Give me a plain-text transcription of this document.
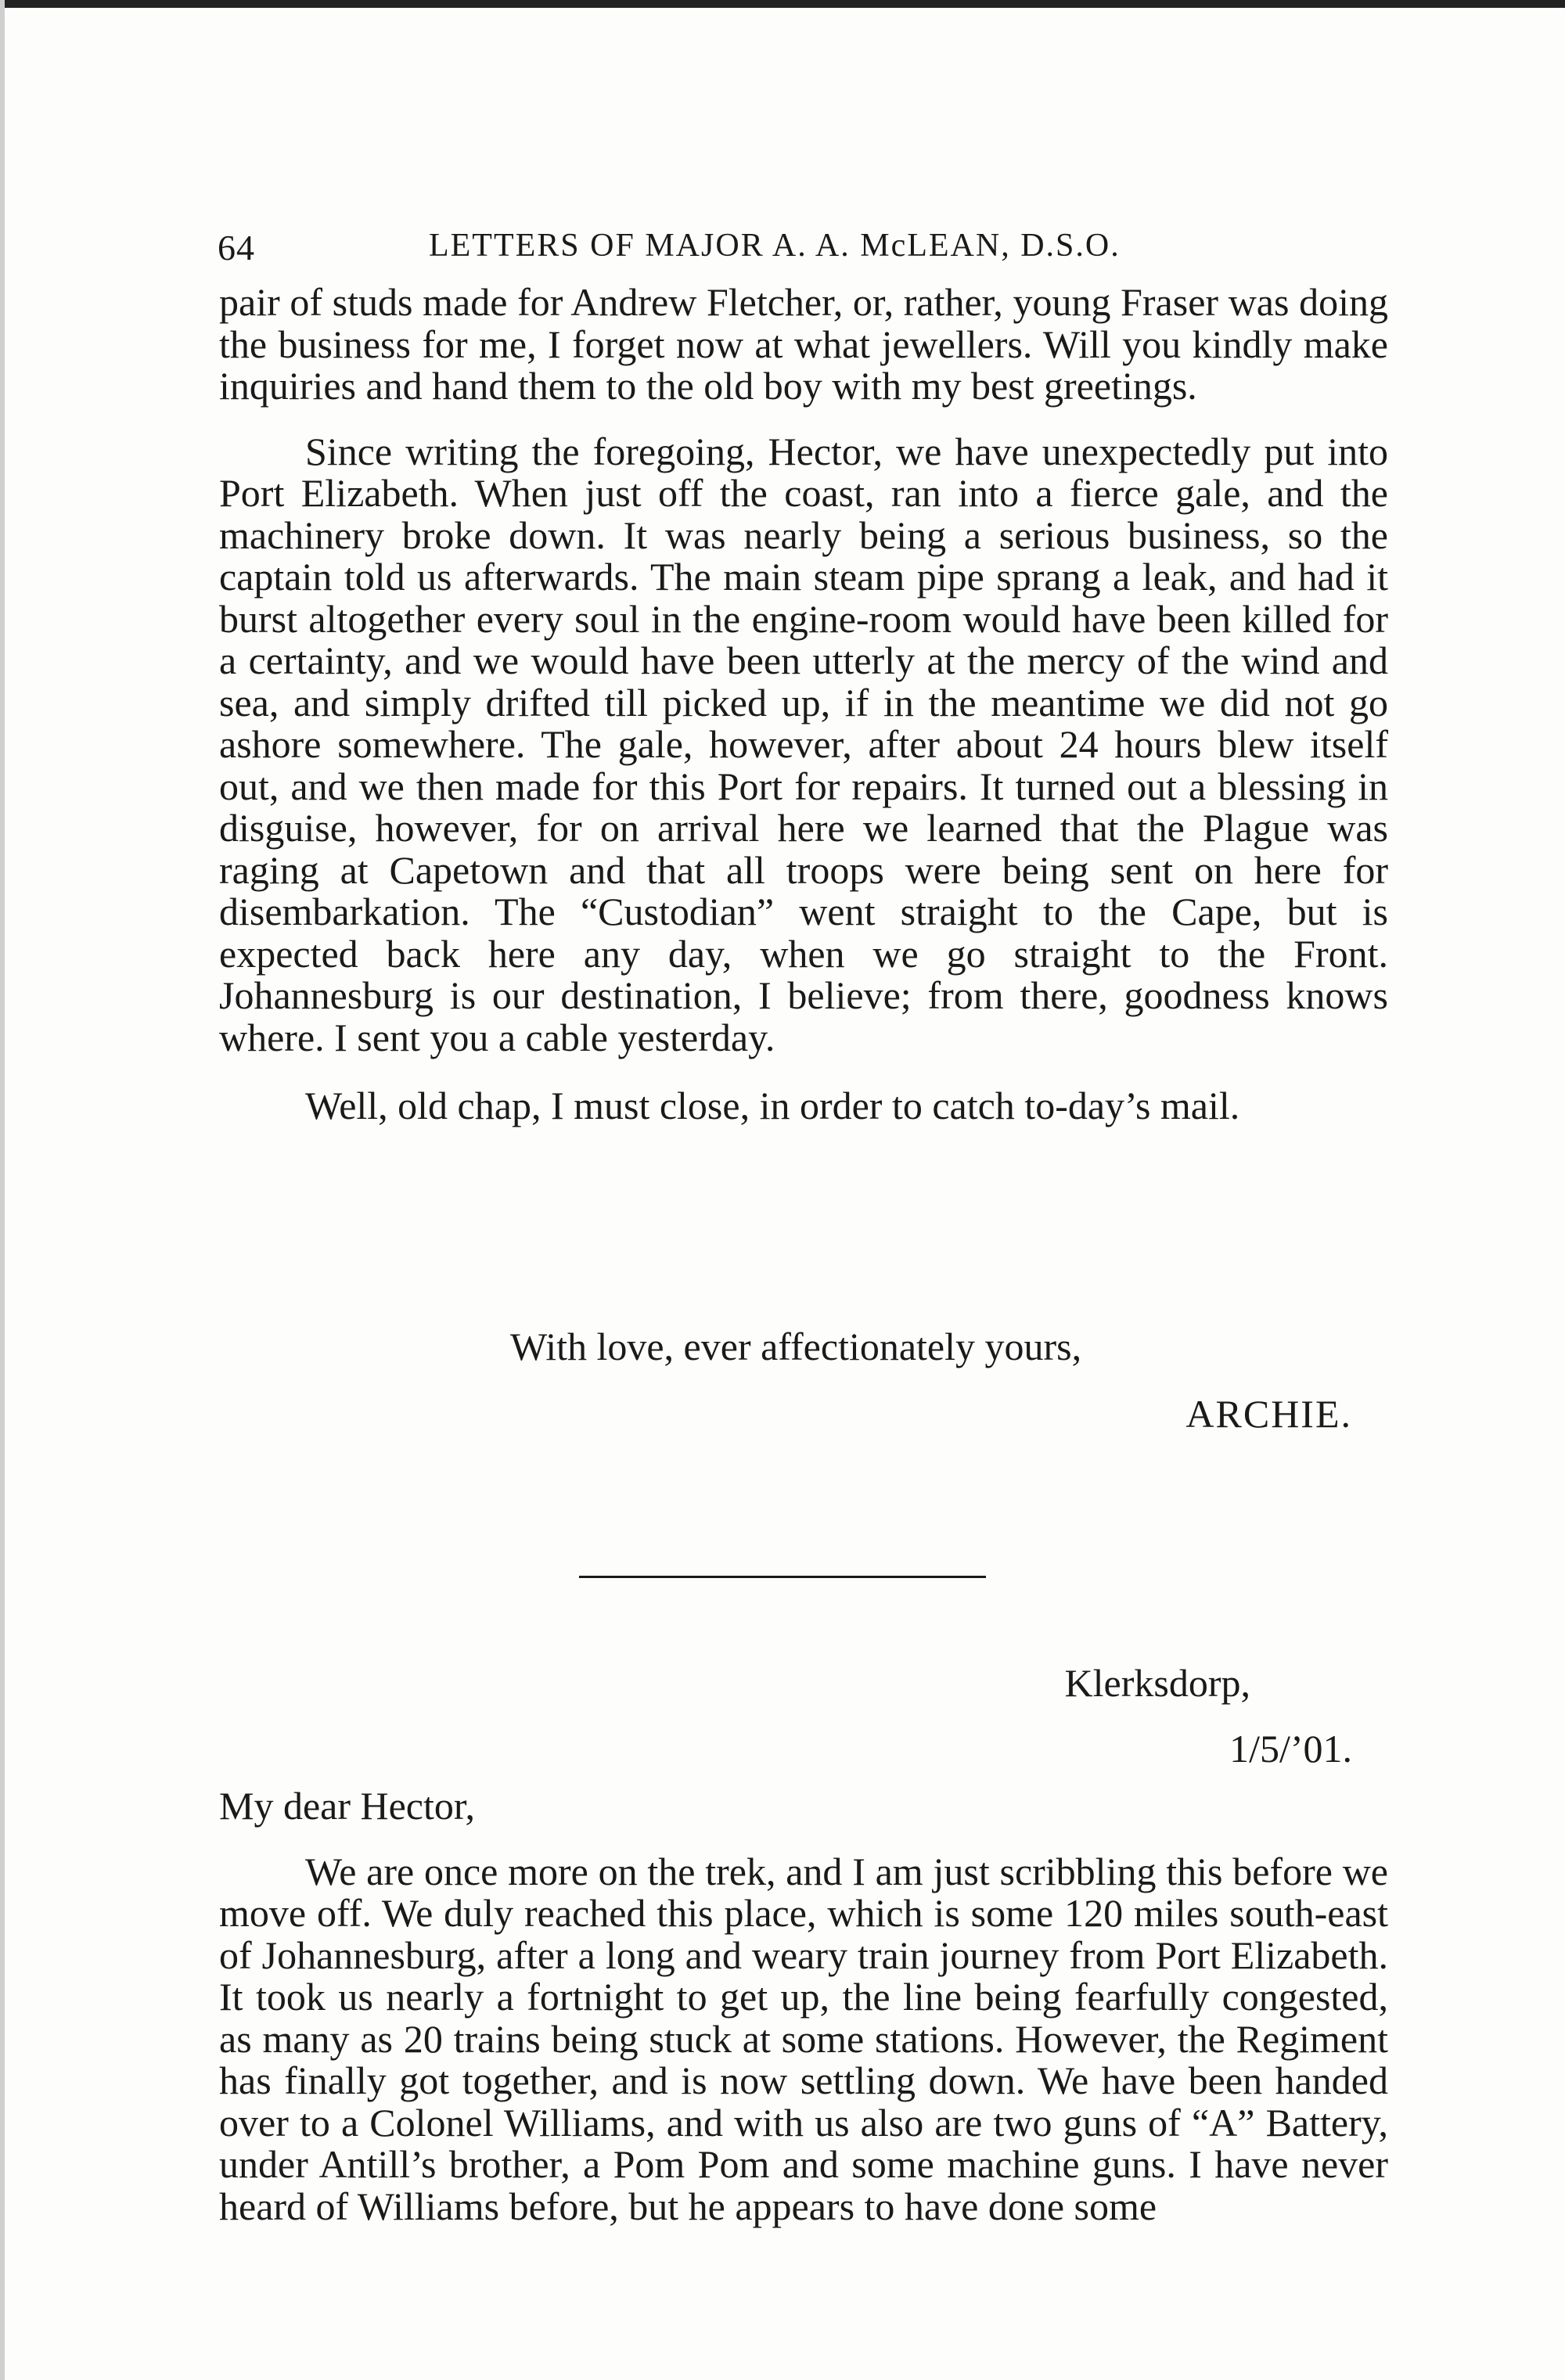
64	LETTERS OF MAJOR A. A. McLEAN, D.S.O.

pair of studs made for Andrew Fletcher, or, rather, young Fraser was doing the business for me, I forget now at what jewellers. Will you kindly make inquiries and hand them to the old boy with my best greetings.

Since writing the foregoing, Hector, we have unexpectedly put into Port Elizabeth. When just off the coast, ran into a fierce gale, and the machinery broke down. It was nearly being a serious business, so the captain told us afterwards. The main steam pipe sprang a leak, and had it burst altogether every soul in the engine-room would have been killed for a certainty, and we would have been utterly at the mercy of the wind and sea, and simply drifted till picked up, if in the meantime we did not go ashore somewhere. The gale, however, after about 24 hours blew itself out, and we then made for this Port for repairs. It turned out a blessing in disguise, however, for on arrival here we learned that the Plague was raging at Capetown and that all troops were being sent on here for disembarkation. The “Custodian” went straight to the Cape, but is expected back here any day, when we go straight to the Front. Johannesburg is our destination, I believe; from there, goodness knows where. I sent you a cable yesterday.

Well, old chap, I must close, in order to catch to-day’s mail.

With love, ever affectionately yours,
ARCHIE.
Klerksdorp,
1/5/’01.

My dear Hector,

We are once more on the trek, and I am just scribbling this before we move off. We duly reached this place, which is some 120 miles south-east of Johannesburg, after a long and weary train journey from Port Elizabeth. It took us nearly a fortnight to get up, the line being fearfully congested, as many as 20 trains being stuck at some stations. However, the Regiment has finally got together, and is now settling down. We have been handed over to a Colonel Williams, and with us also are two guns of “A” Battery, under Antill’s brother, a Pom Pom and some machine guns. I have never heard of Williams before, but he appears to have done some
